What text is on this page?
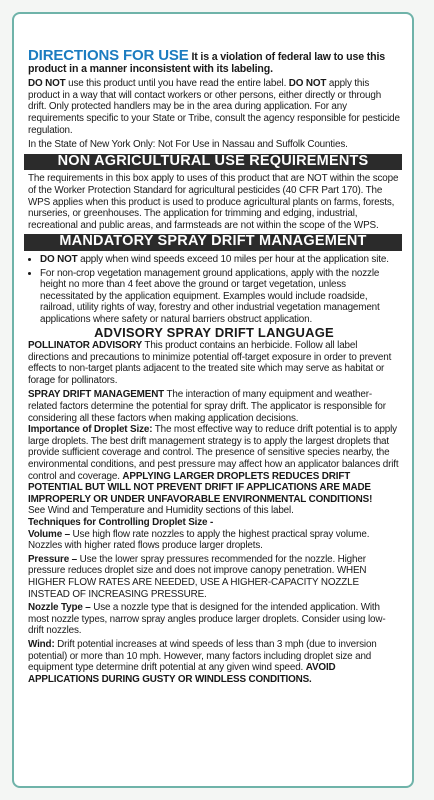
DIRECTIONS FOR USE It is a violation of federal law to use this product in a manner inconsistent with its labeling.

DO NOT use this product until you have read the entire label. DO NOT apply this product in a way that will contact workers or other persons, either directly or through drift. Only protected handlers may be in the area during application. For any requirements specific to your State or Tribe, consult the agency responsible for pesticide regulation.

In the State of New York Only: Not For Use in Nassau and Suffolk Counties.

NON AGRICULTURAL USE REQUIREMENTS

The requirements in this box apply to uses of this product that are NOT within the scope of the Worker Protection Standard for agricultural pesticides (40 CFR Part 170). The WPS applies when this product is used to produce agricultural plants on farms, forests, nurseries, or greenhouses. The application for trimming and edging, industrial, recreational and public areas, and farmsteads are not within the scope of the WPS.

MANDATORY SPRAY DRIFT MANAGEMENT
• DO NOT apply when wind speeds exceed 10 miles per hour at the application site.
• For non-crop vegetation management ground applications, apply with the nozzle height no more than 4 feet above the ground or target vegetation, unless necessitated by the application equipment. Examples would include roadside, railroad, utility rights of way, forestry and other industrial vegetation management applications where safety or natural barriers obstruct application.
ADVISORY SPRAY DRIFT LANGUAGE

POLLINATOR ADVISORY This product contains an herbicide. Follow all label directions and precautions to minimize potential off-target exposure in order to prevent effects to non-target plants adjacent to the treated site which may serve as habitat or forage for pollinators.

SPRAY DRIFT MANAGEMENT The interaction of many equipment and weather-related factors determine the potential for spray drift. The applicator is responsible for considering all these factors when making application decisions.

Importance of Droplet Size: The most effective way to reduce drift potential is to apply large droplets. The best drift management strategy is to apply the largest droplets that provide sufficient coverage and control. The presence of sensitive species nearby, the environmental conditions, and pest pressure may affect how an applicator balances drift control and coverage. APPLYING LARGER DROPLETS REDUCES DRIFT POTENTIAL BUT WILL NOT PREVENT DRIFT IF APPLICATIONS ARE MADE IMPROPERLY OR UNDER UNFAVORABLE ENVIRONMENTAL CONDITIONS!

See Wind and Temperature and Humidity sections of this label.

Techniques for Controlling Droplet Size -

Volume – Use high flow rate nozzles to apply the highest practical spray volume. Nozzles with higher rated flows produce larger droplets.

Pressure – Use the lower spray pressures recommended for the nozzle. Higher pressure reduces droplet size and does not improve canopy penetration. WHEN HIGHER FLOW RATES ARE NEEDED, USE A HIGHER-CAPACITY NOZZLE INSTEAD OF INCREASING PRESSURE.

Nozzle Type – Use a nozzle type that is designed for the intended application. With most nozzle types, narrow spray angles produce larger droplets. Consider using low-drift nozzles.

Wind: Drift potential increases at wind speeds of less than 3 mph (due to inversion potential) or more than 10 mph. However, many factors including droplet size and equipment type determine drift potential at any given wind speed. AVOID APPLICATIONS DURING GUSTY OR WINDLESS CONDITIONS.
